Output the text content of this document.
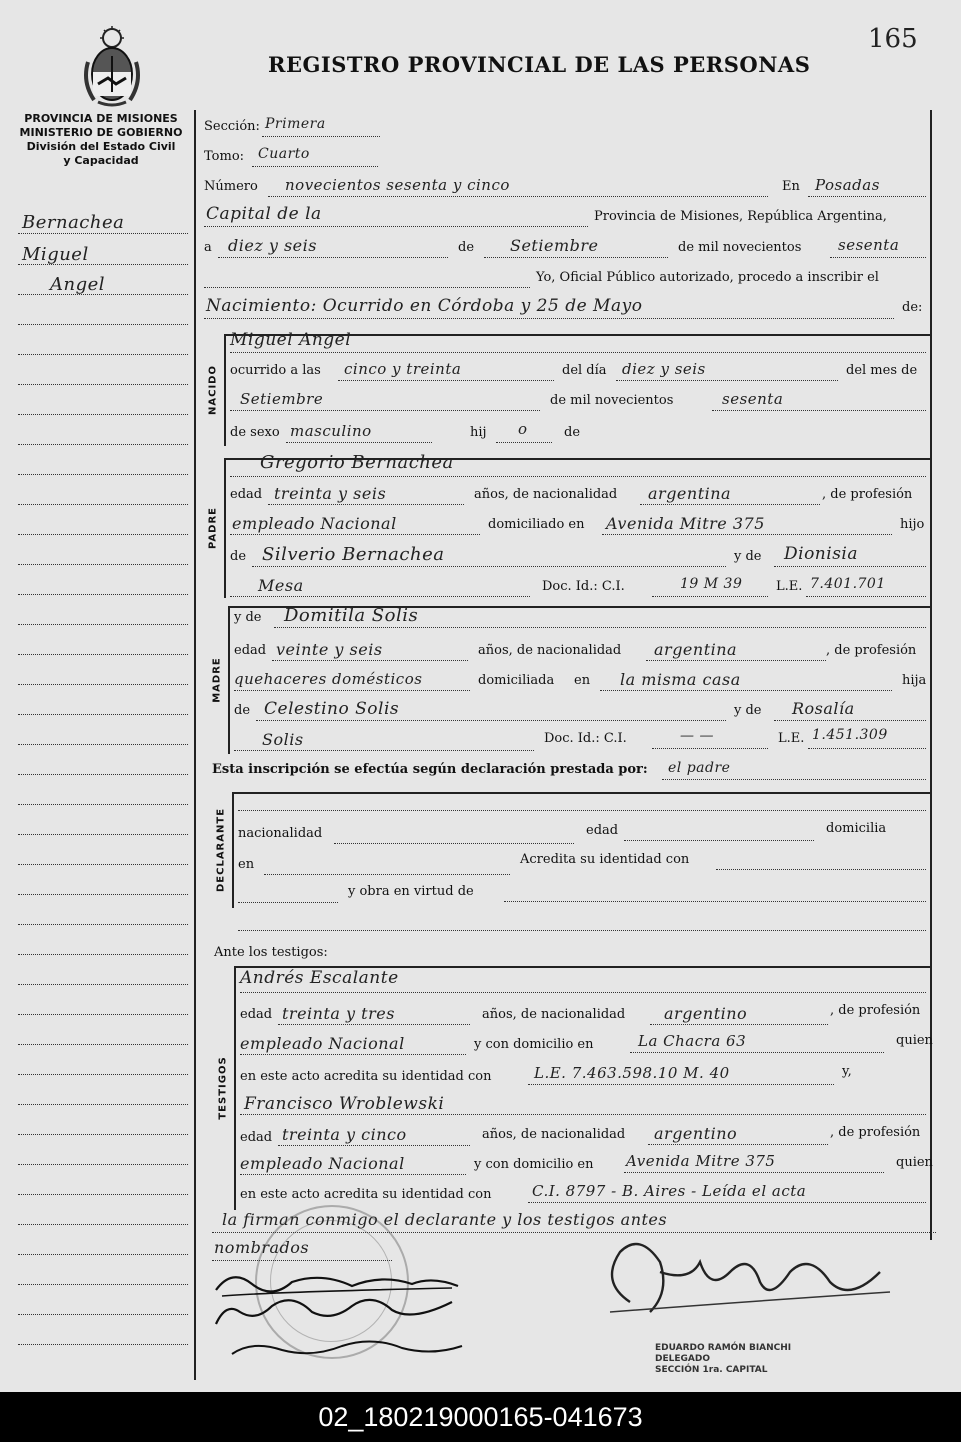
165
REGISTRO PROVINCIAL DE LAS PERSONAS
PROVINCIA DE MISIONES
MINISTERIO DE GOBIERNO
División del Estado Civil
y Capacidad
Bernachea
Miguel
Angel
Sección: Primera
Tomo: Cuarto
Número novecientos sesenta y cinco	En Posadas
Capital de la	Provincia de Misiones, República Argentina,
a diez y seis	de Setiembre	de mil novecientos sesenta
Yo, Oficial Público autorizado, procedo a inscribir el
Nacimiento: Ocurrido en Córdoba y 25 de Mayo	de:
NACIDO
Miguel Angel
ocurrido a las cinco y treinta	del día diez y seis	del mes de
Setiembre	de mil novecientos	sesenta
de sexo masculino	hij o	de
PADRE
Gregorio Bernachea
edad treinta y seis	años, de nacionalidad argentina	, de profesión
empleado Nacional	domiciliado en Avenida Mitre 375	hijo
de Silverio Bernachea	y de Dionisia
Mesa	Doc. Id.: C.I.	19 M 39	L.E. 7.401.701
MADRE
y de Domitila Solis
edad veinte y seis	años, de nacionalidad argentina	, de profesión
quehaceres domésticos	domiciliada en la misma casa	hija
de Celestino Solis	y de Rosalía
Solis	Doc. Id.: C.I.	— —	L.E. 1.451.309
Esta inscripción se efectúa según declaración prestada por: el padre
DECLARANTE nacionalidad	edad	domicilia
en	Acredita su identidad con
y obra en virtud de
Ante los testigos:
TESTIGOS
Andrés Escalante
edad treinta y tres	años, de nacionalidad argentino	, de profesión
empleado Nacional	y con domicilio en	La Chacra 63	quien
en este acto acredita su identidad con	L.E. 7.463.598.10 M. 40	y,
Francisco Wroblewski
edad treinta y cinco	años, de nacionalidad argentino	, de profesión
empleado Nacional	y con domicilio en Avenida Mitre 375	quien
en este acto acredita su identidad con	C.I. 8797 - B. Aires - Leída el acta
la firman conmigo el declarante y los testigos antes
nombrados
EDUARDO RAMÓN BIANCHI
DELEGADO
SECCIÓN 1ra. CAPITAL
02_180219000165-041673
